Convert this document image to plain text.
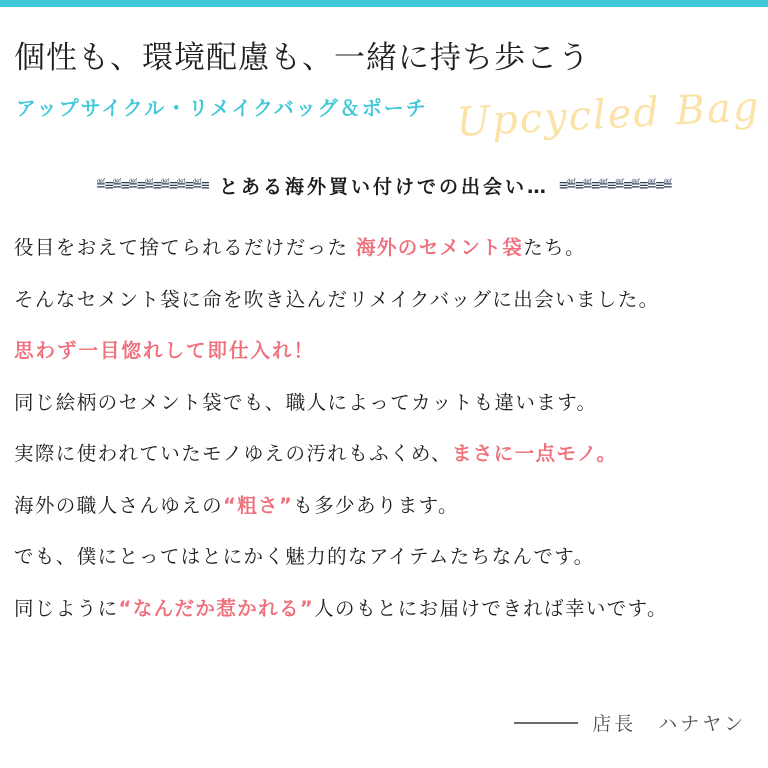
個性も、環境配慮も、一緒に持ち歩こう
アップサイクル・リメイクバッグ＆ポーチ Upcycled Bag
≡≝≡≝≡≝≡≝≡≝≡≝≡≝ とある海外買い付けでの出会い… ≡≝≡≝≡≝≡≝≡≝≡≝≡≝
役目をおえて捨てられるだけだった 海外のセメント袋たち。
そんなセメント袋に命を吹き込んだリメイクバッグに出会いました。
思わず一目惚れして即仕入れ！
同じ絵柄のセメント袋でも、職人によってカットも違います。
実際に使われていたモノゆえの汚れもふくめ、まさに一点モノ。
海外の職人さんゆえの“粗さ”も多少あります。
でも、僕にとってはとにかく魅力的なアイテムたちなんです。
同じように“なんだか惹かれる”人のもとにお届けできれば幸いです。
店長　ハナヤン
